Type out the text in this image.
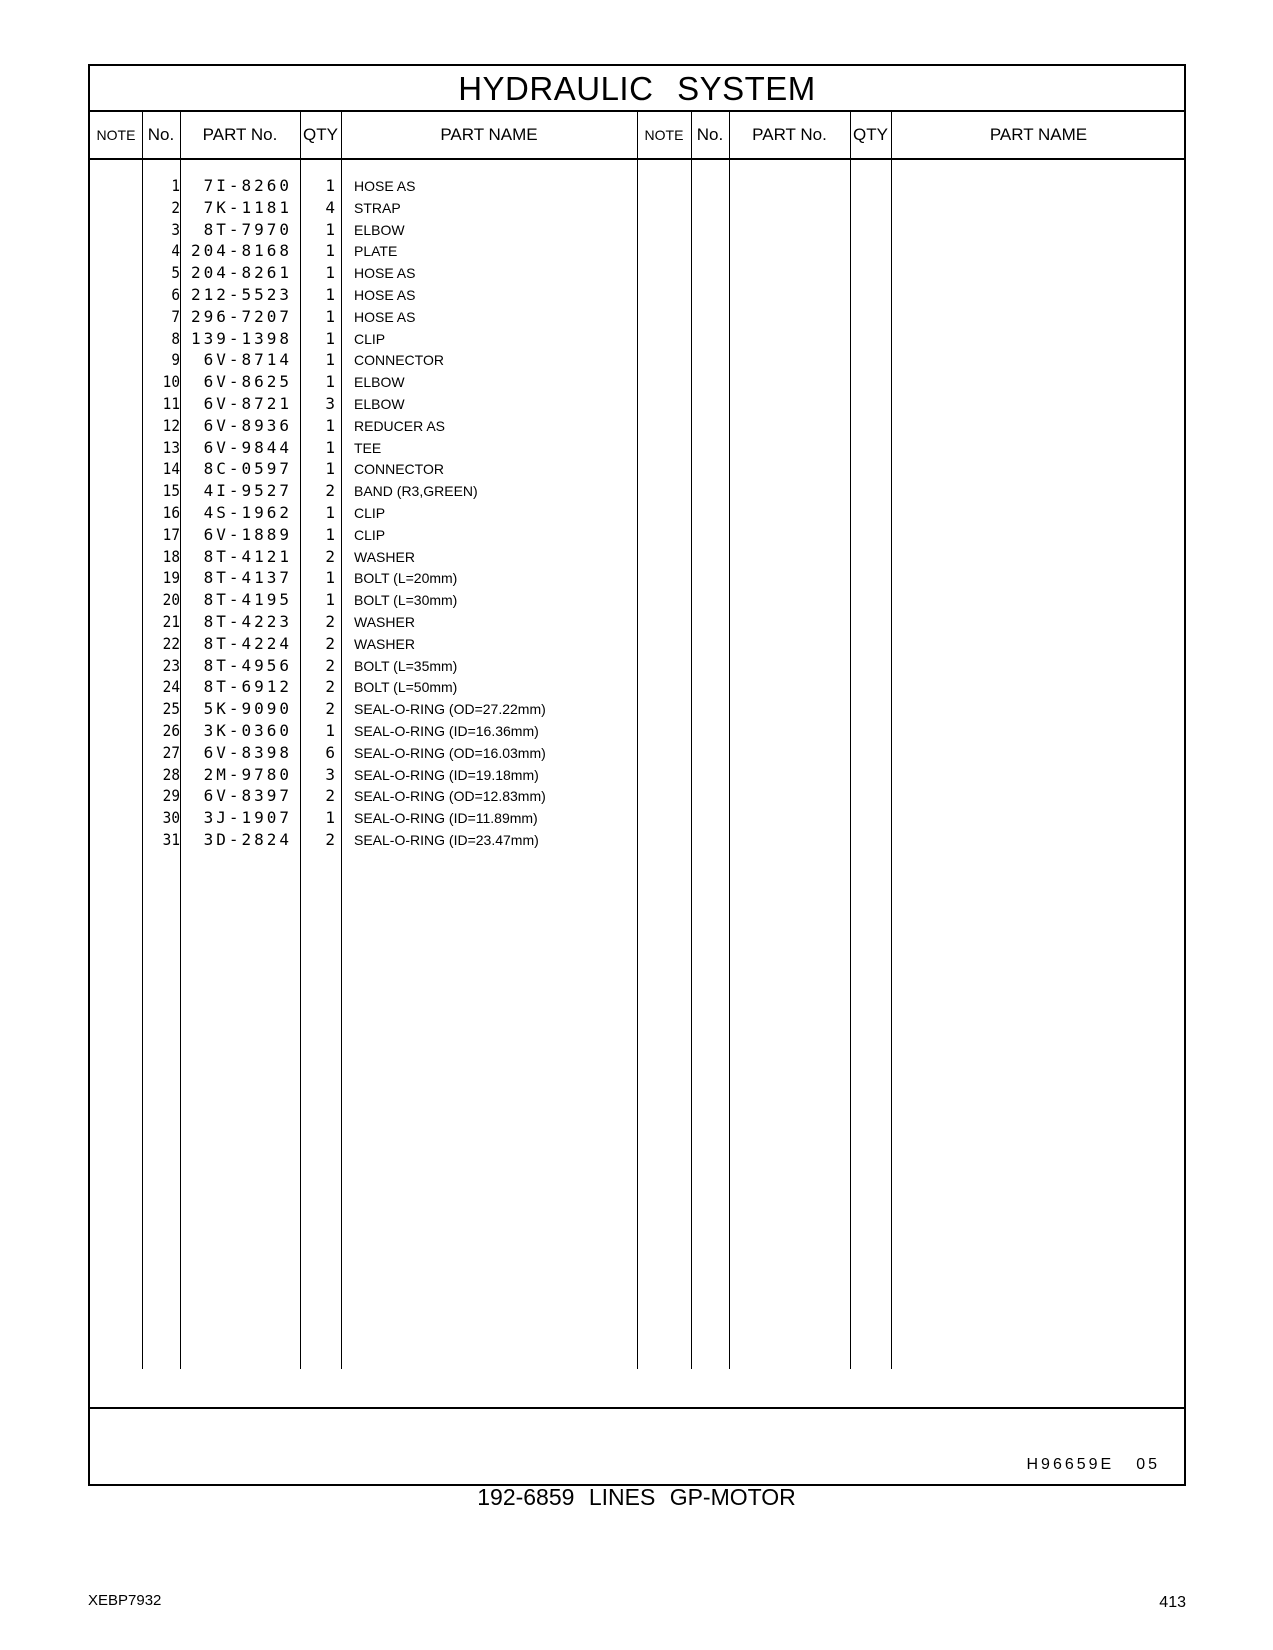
HYDRAULIC SYSTEM
NOTE No.	PART No.	QTY	PART NAME	NOTE No.	PART No.	QTY	PART NAME
1	7I-8260	1 HOSE AS
2	7K-1181	4 STRAP
3	8T-7970	1 ELBOW
4 204-8168	1 PLATE
5 204-8261	1 HOSE AS
6 212-5523	1 HOSE AS
7 296-7207	1 HOSE AS
8 139-1398	1 CLIP
9	6V-8714	1 CONNECTOR
10	6V-8625	1 ELBOW
11	6V-8721	3 ELBOW
12	6V-8936	1 REDUCER AS
13	6V-9844	1 TEE
14	8C-0597	1 CONNECTOR
15	4I-9527	2 BAND (R3,GREEN)
16	4S-1962	1 CLIP
17	6V-1889	1 CLIP
18	8T-4121	2 WASHER
19	8T-4137	1 BOLT (L=20mm)
20	8T-4195	1 BOLT (L=30mm)
21	8T-4223	2 WASHER
22	8T-4224	2 WASHER
23	8T-4956	2 BOLT (L=35mm)
24	8T-6912	2 BOLT (L=50mm)
25	5K-9090	2 SEAL-O-RING (OD=27.22mm)
26	3K-0360	1 SEAL-O-RING (ID=16.36mm)
27	6V-8398	6 SEAL-O-RING (OD=16.03mm)
28	2M-9780	3 SEAL-O-RING (ID=19.18mm)
29	6V-8397	2 SEAL-O-RING (OD=12.83mm)
30	3J-1907	1 SEAL-O-RING (ID=11.89mm)
31	3D-2824	2 SEAL-O-RING (ID=23.47mm)
H96659E 05
192-6859 LINES GP-MOTOR
XEBP7932	413
